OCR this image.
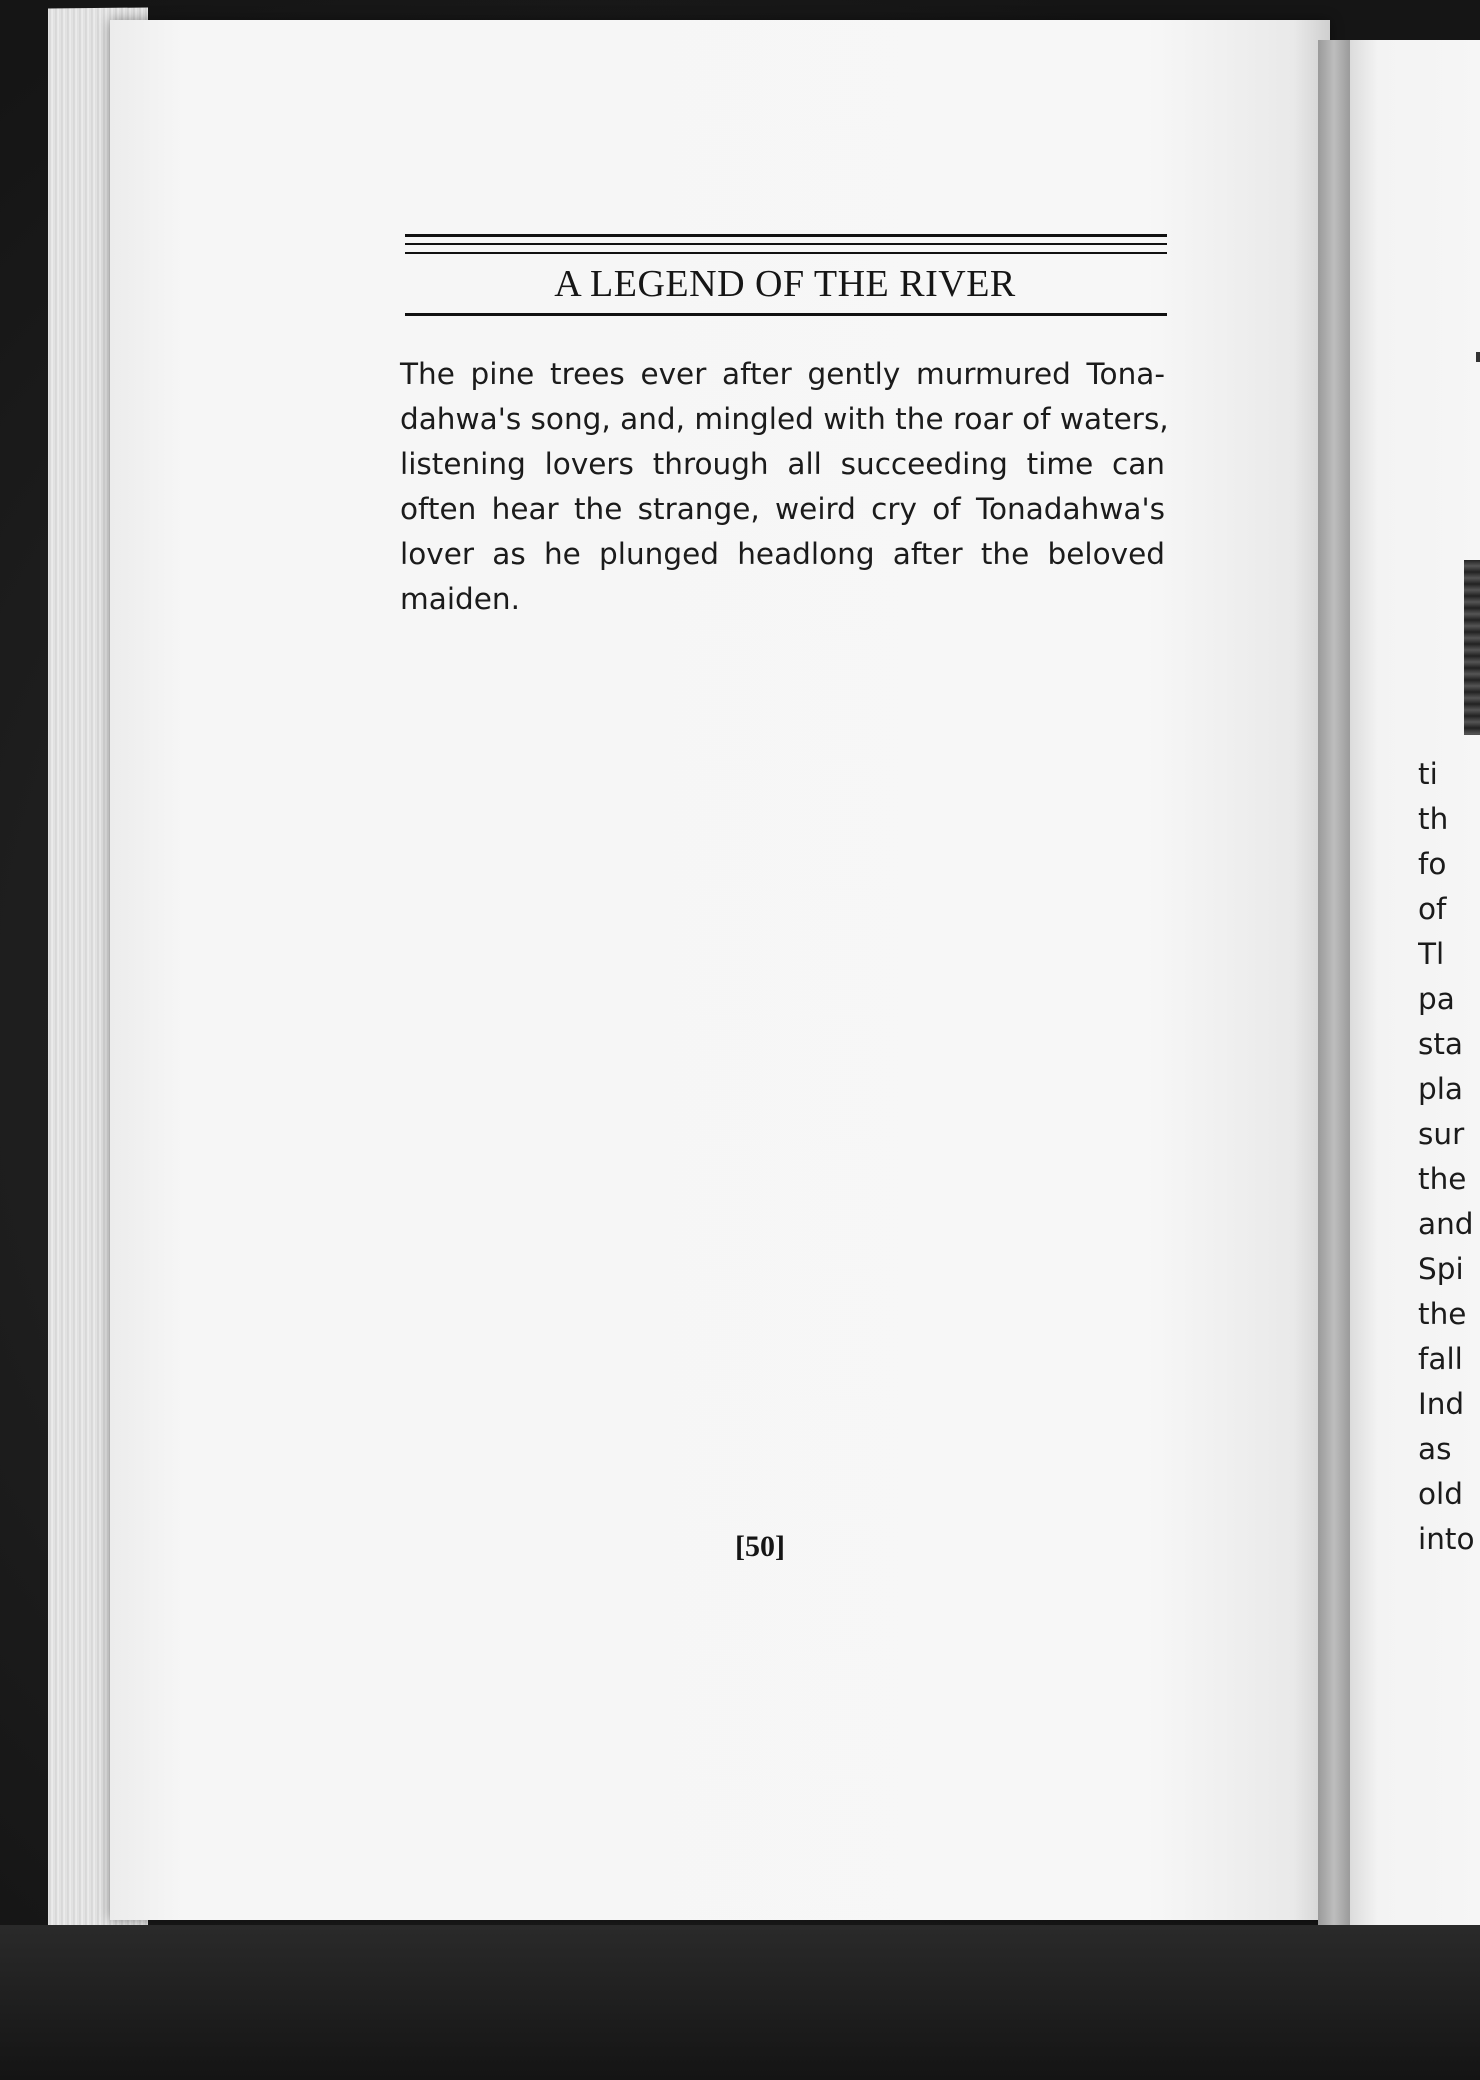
A LEGEND OF THE RIVER
The pine trees ever after gently murmured Tona-
dahwa's song, and, mingled with the roar of waters,
listening lovers through all succeeding time can
often hear the strange, weird cry of Tonadahwa's
lover as he plunged headlong after the beloved
maiden.
[50]
ti
th
fo
of
Tl
pa
sta
pla
sur
the
and
Spi
the
fall
Ind
as
old
into
